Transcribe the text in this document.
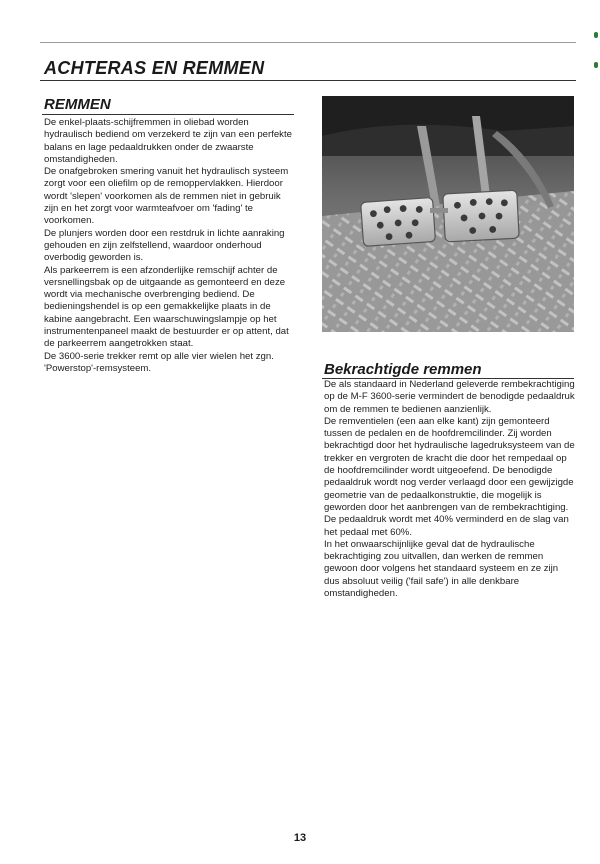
ACHTERAS EN REMMEN
REMMEN

De enkel-plaats-schijfremmen in oliebad worden hydraulisch bediend om verzekerd te zijn van een perfekte balans en lage pedaaldrukken onder de zwaarste omstandigheden.

De onafgebroken smering vanuit het hydraulisch systeem zorgt voor een oliefilm op de remoppervlakken. Hierdoor wordt 'slepen' voorkomen als de remmen niet in gebruik zijn en het zorgt voor warmteafvoer om 'fading' te voorkomen.

De plunjers worden door een restdruk in lichte aanraking gehouden en zijn zelfstellend, waardoor onderhoud overbodig geworden is.

Als parkeerrem is een afzonderlijke remschijf achter de versnellingsbak op de uitgaande as gemonteerd en deze wordt via mechanische overbrenging bediend. De bedieningshendel is op een gemakkelijke plaats in de kabine aangebracht. Een waarschuwingslampje op het instrumentenpaneel maakt de bestuurder er op attent, dat de parkeerrem aangetrokken staat.

De 3600-serie trekker remt op alle vier wielen het zgn. 'Powerstop'-remsysteem.	Bekrachtigde remmen

De als standaard in Nederland geleverde rembekrachtiging op de M-F 3600-serie vermindert de benodigde pedaaldruk om de remmen te bedienen aanzienlijk.

De remventielen (een aan elke kant) zijn gemonteerd tussen de pedalen en de hoofdremcilinder. Zij worden bekrachtigd door het hydraulische lagedruksysteem van de trekker en vergroten de kracht die door het rempedaal op de hoofdremcilinder wordt uitgeoefend. De benodigde pedaaldruk wordt nog verder verlaagd door een gewijzigde geometrie van de pedaalkonstruktie, die mogelijk is geworden door het aanbrengen van de rembekrachtiging. De pedaaldruk wordt met 40% verminderd en de slag van het pedaal met 60%.

In het onwaarschijnlijke geval dat de hydraulische bekrachtiging zou uitvallen, dan werken de remmen gewoon door volgens het standaard systeem en ze zijn dus absoluut veilig ('fail safe') in alle denkbare omstandigheden.

13
